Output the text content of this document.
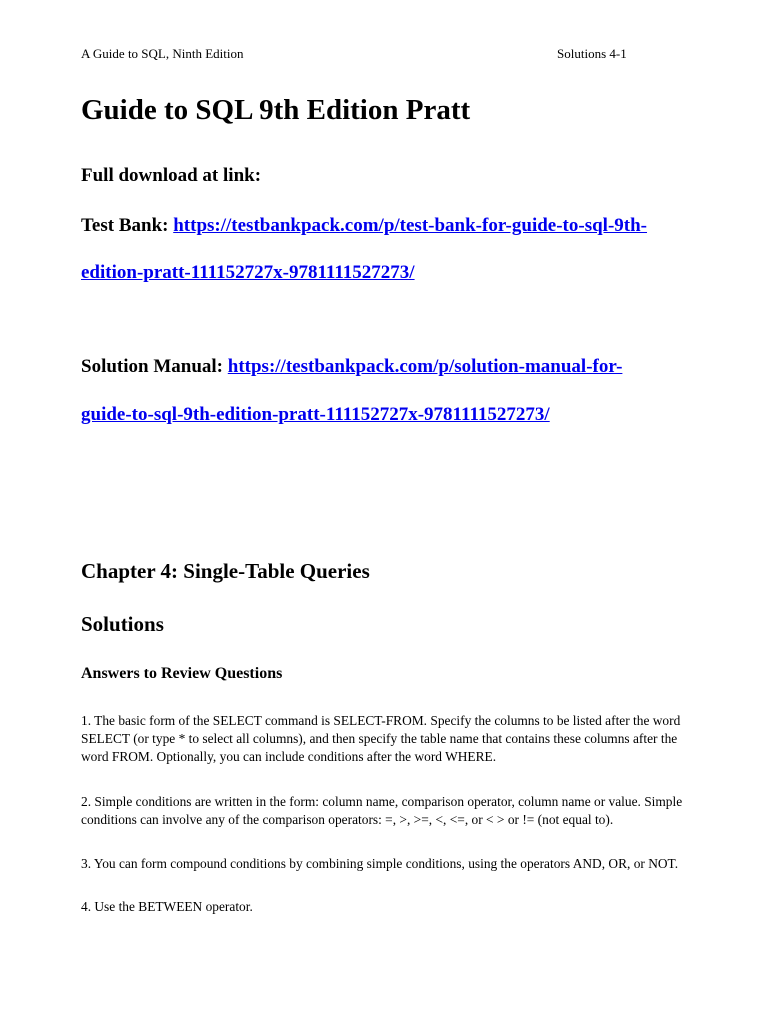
A Guide to SQL, Ninth Edition	Solutions 4-1
Guide to SQL 9th Edition Pratt
Full download at link:
Test Bank: https://testbankpack.com/p/test-bank-for-guide-to-sql-9th-
edition-pratt-111152727x-9781111527273/
Solution Manual: https://testbankpack.com/p/solution-manual-for-
guide-to-sql-9th-edition-pratt-111152727x-9781111527273/
Chapter 4: Single-Table Queries
Solutions
Answers to Review Questions
1. The basic form of the SELECT command is SELECT-FROM. Specify the columns to be listed after the word SELECT (or type * to select all columns), and then specify the table name that contains these columns after the word FROM. Optionally, you can include conditions after the word WHERE.
2. Simple conditions are written in the form: column name, comparison operator, column name or value. Simple conditions can involve any of the comparison operators: =, >, >=, <, <=, or < > or != (not equal to).
3. You can form compound conditions by combining simple conditions, using the operators AND, OR, or NOT.
4. Use the BETWEEN operator.
